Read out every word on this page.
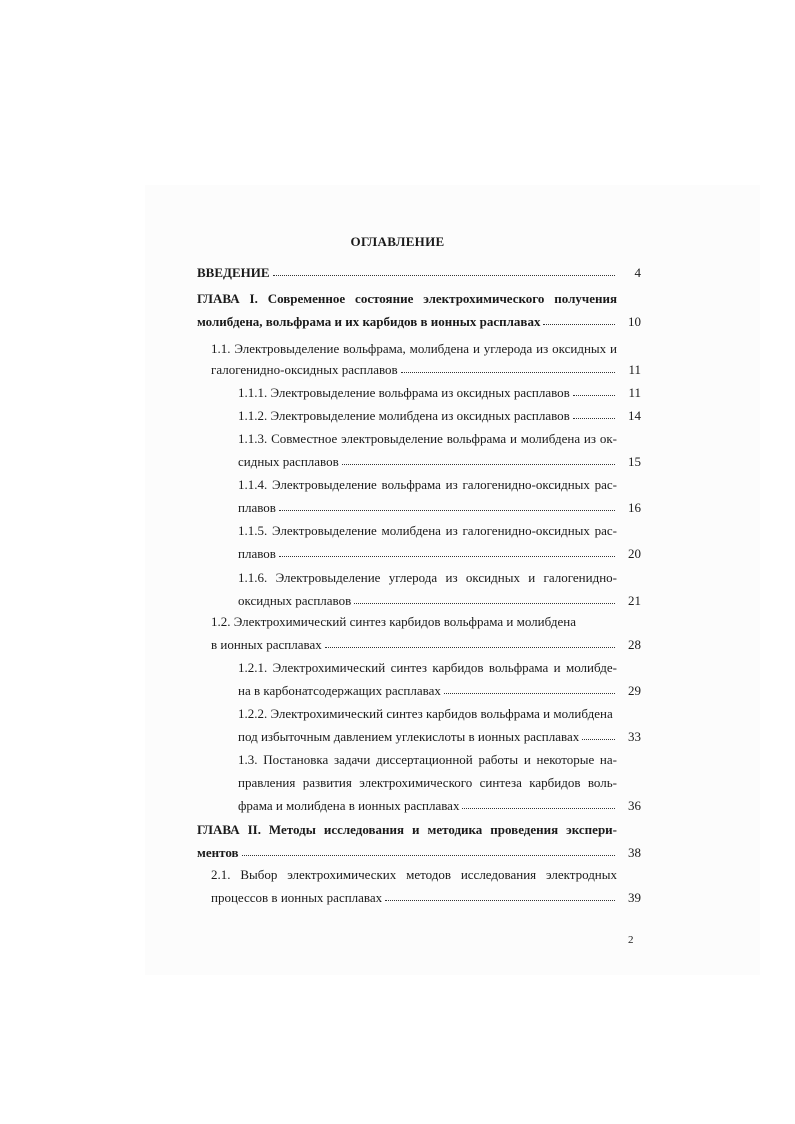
ОГЛАВЛЕНИЕ
ВВЕДЕНИЕ	4
ГЛАВА I. Современное состояние электрохимического получения
молибдена, вольфрама и их карбидов в ионных расплавах	10
1.1. Электровыделение вольфрама, молибдена и углерода из оксидных и
галогенидно-оксидных расплавов	11
1.1.1. Электровыделение вольфрама из оксидных расплавов	11
1.1.2. Электровыделение молибдена из оксидных расплавов	14
1.1.3. Совместное электровыделение вольфрама и молибдена из ок-
сидных расплавов	15
1.1.4. Электровыделение вольфрама из галогенидно-оксидных рас-
плавов	16
1.1.5. Электровыделение молибдена из галогенидно-оксидных рас-
плавов	20
1.1.6. Электровыделение углерода из оксидных и галогенидно-
оксидных расплавов	21
1.2. Электрохимический синтез карбидов вольфрама и молибдена
в ионных расплавах	28
1.2.1. Электрохимический синтез карбидов вольфрама и молибде-
на в карбонатсодержащих расплавах	29
1.2.2. Электрохимический синтез карбидов вольфрама и молибдена
под избыточным давлением углекислоты в ионных расплавах	33
1.3. Постановка задачи диссертационной работы и некоторые на-
правления развития электрохимического синтеза карбидов воль-
фрама и молибдена в ионных расплавах	36
ГЛАВА II. Методы исследования и методика проведения экспери-
ментов	38
2.1. Выбор электрохимических методов исследования электродных
процессов в ионных расплавах	39
2
